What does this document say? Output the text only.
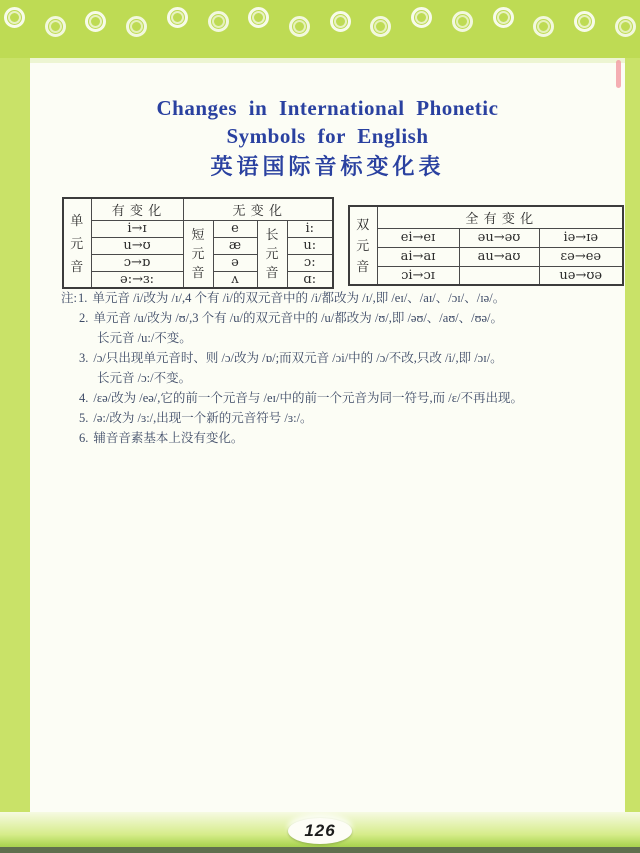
Changes in International Phonetic
Symbols for English
英语国际音标变化表
单元音	有 变 化	无 变 化			
	i→ɪ	短元音	e	长元音	i:
	u→ʊ		æ		u:
	ɔ→ɒ		ə		ɔ:
	ə:→ɜ:		ʌ		ɑ:
双元音	全 有 变 化		
	ei→eɪ	əu→əʊ	iə→ɪə
	ai→aɪ	au→aʊ	ɛə→eə
	ɔi→ɔɪ		uə→ʊə
注:1. 单元音 /i/改为 /ɪ/,4 个有 /i/的双元音中的 /i/都改为 /ɪ/,即 /eɪ/、/aɪ/、/ɔɪ/、/ɪə/。
2. 单元音 /u/改为 /ʊ/,3 个有 /u/的双元音中的 /u/都改为 /ʊ/,即 /əʊ/、/aʊ/、/ʊə/。
长元音 /u:/不变。
3. /ɔ/只出现单元音时、则 /ɔ/改为 /ɒ/;而双元音 /ɔi/中的 /ɔ/不改,只改 /i/,即 /ɔɪ/。
长元音 /ɔ:/不变。
4. /ɛə/改为 /eə/,它的前一个元音与 /eɪ/中的前一个元音为同一符号,而 /ɛ/不再出现。
5. /ə:/改为 /ɜ:/,出现一个新的元音符号 /ɜ:/。
6. 辅音音素基本上没有变化。
126
